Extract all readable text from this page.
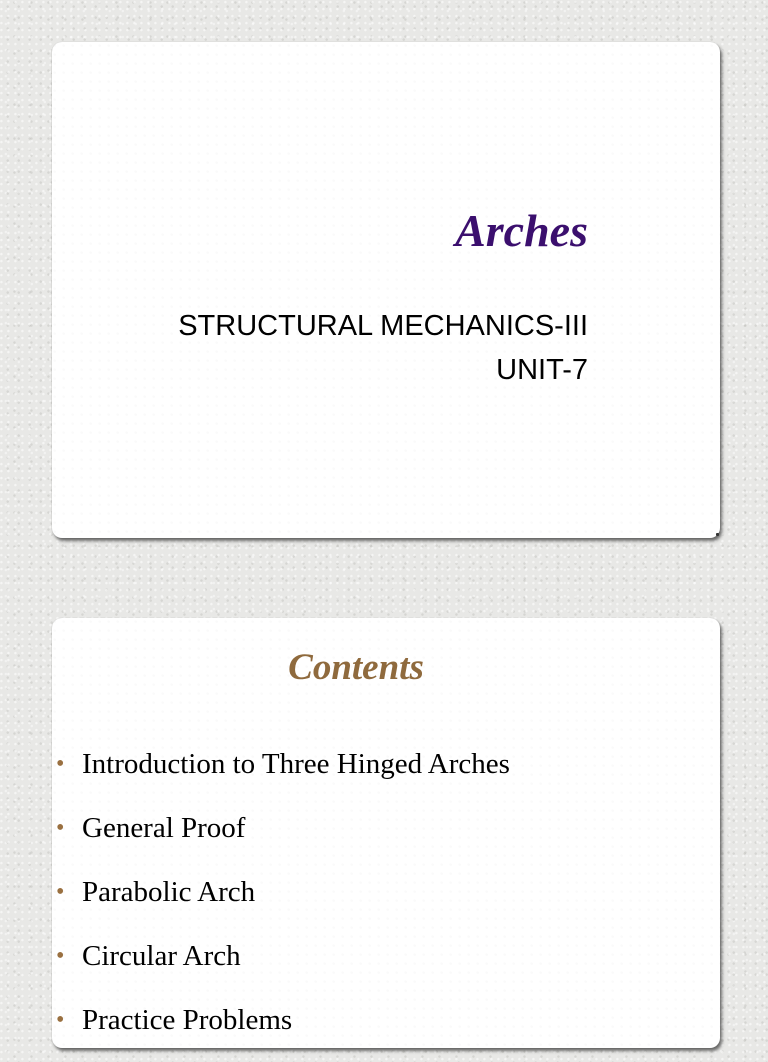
Arches
STRUCTURAL MECHANICS-III
UNIT-7
Contents
• Introduction to Three Hinged Arches
• General Proof
• Parabolic Arch
• Circular Arch
• Practice Problems
